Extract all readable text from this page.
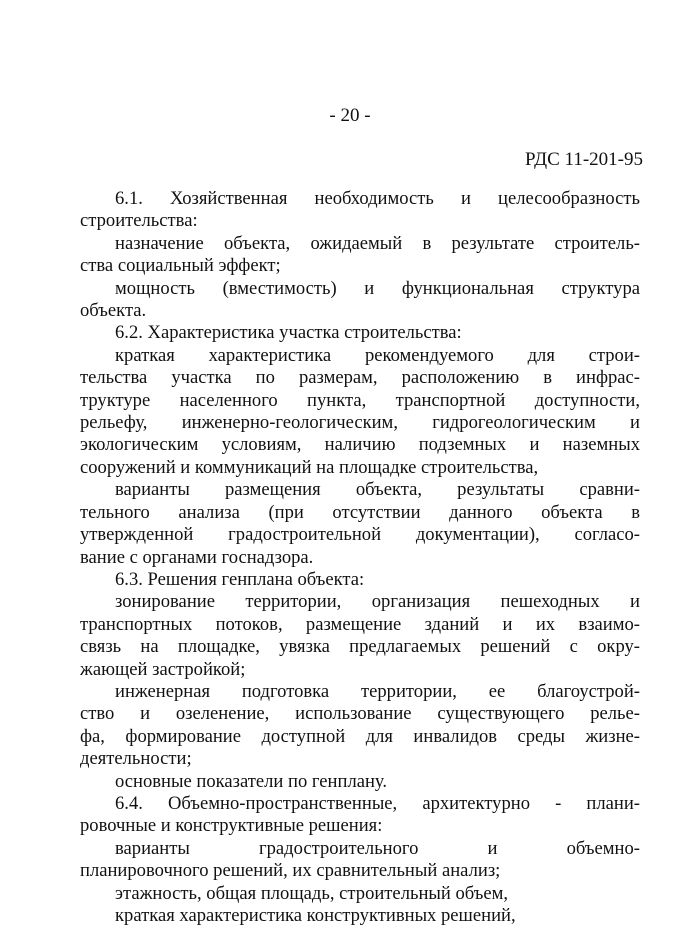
- 20 -
РДС 11-201-95
6.1. Хозяйственная необходимость и целесообразность
строительства:
назначение объекта, ожидаемый в результате строитель-
ства социальный эффект;
мощность (вместимость) и функциональная структура
объекта.
6.2. Характеристика участка строительства:
краткая характеристика рекомендуемого для строи-
тельства участка по размерам, расположению в инфрас-
труктуре населенного пункта, транспортной доступности,
рельефу, инженерно-геологическим, гидрогеологическим и
экологическим условиям, наличию подземных и наземных
сооружений и коммуникаций на площадке строительства,
варианты размещения объекта, результаты сравни-
тельного анализа (при отсутствии данного объекта в
утвержденной градостроительной документации), согласо-
вание с органами госнадзора.
6.3. Решения генплана объекта:
зонирование территории, организация пешеходных и
транспортных потоков, размещение зданий и их взаимо-
связь на площадке, увязка предлагаемых решений с окру-
жающей застройкой;
инженерная подготовка территории, ее благоустрой-
ство и озеленение, использование существующего релье-
фа, формирование доступной для инвалидов среды жизне-
деятельности;
основные показатели по генплану.
6.4. Объемно-пространственные, архитектурно - плани-
ровочные и конструктивные решения:
варианты градостроительного и объемно-
планировочного решений, их сравнительный анализ;
этажность, общая площадь, строительный объем,
краткая характеристика конструктивных решений,
